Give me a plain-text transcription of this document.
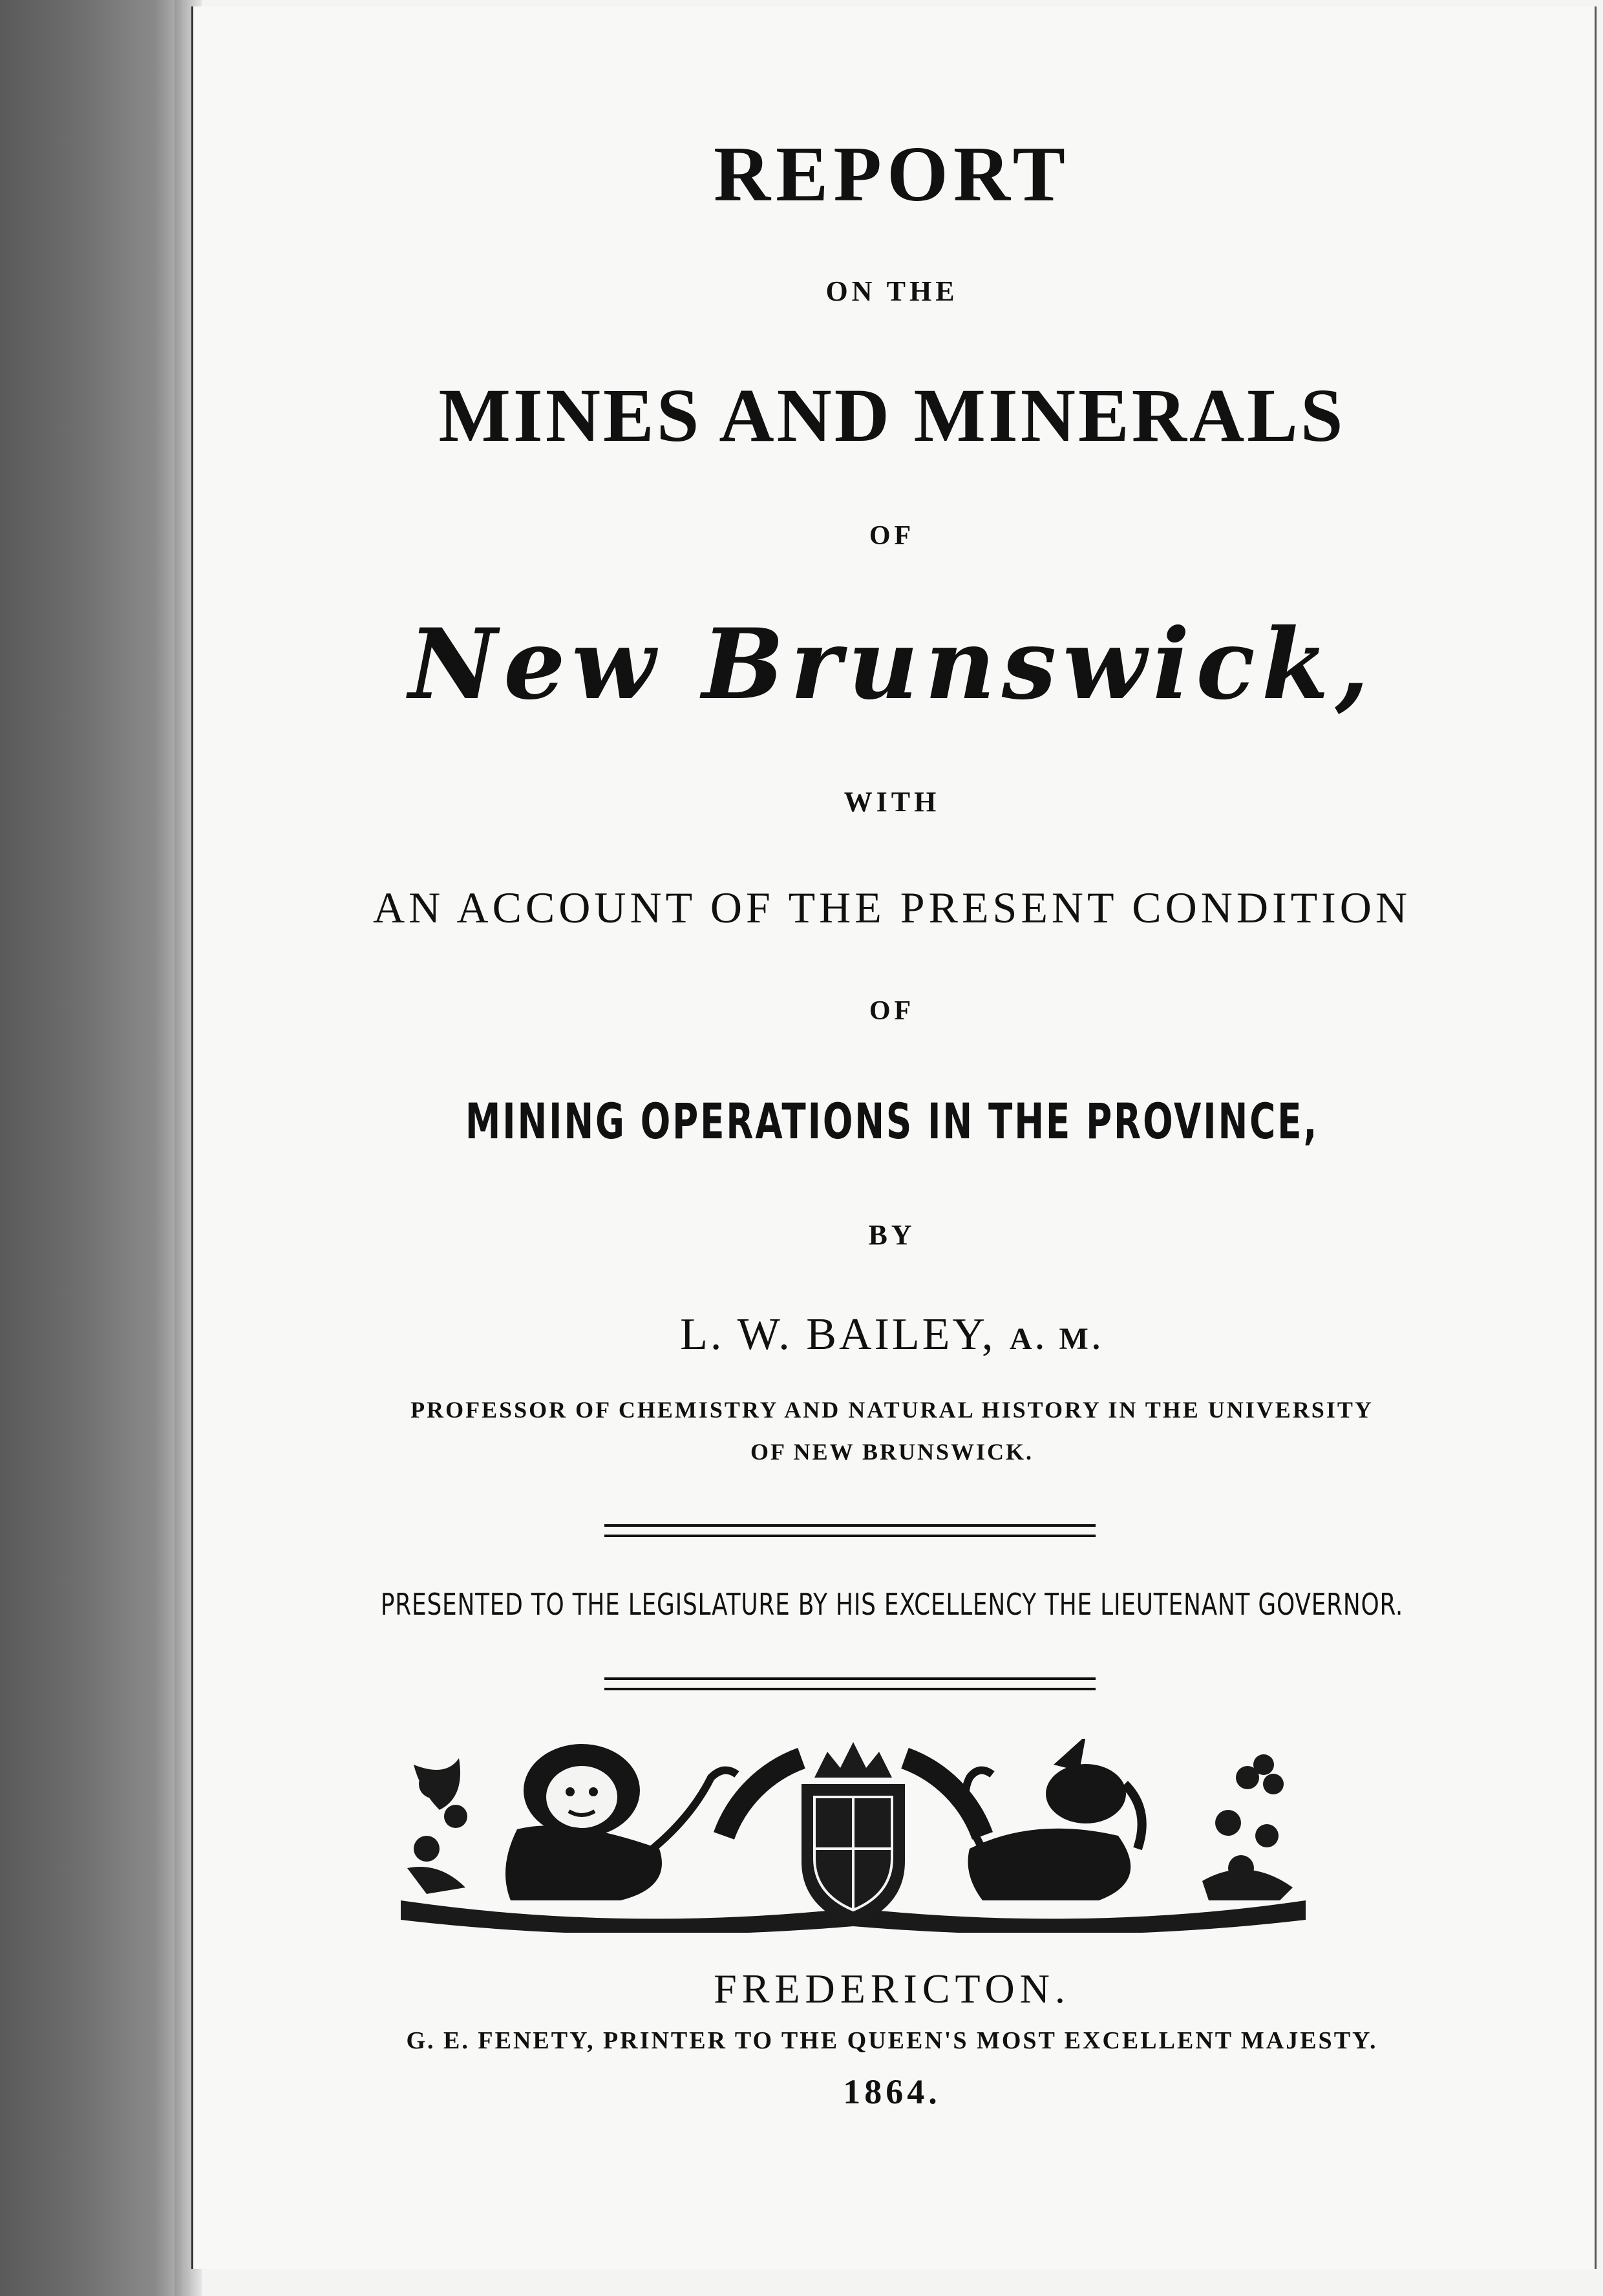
REPORT

ON THE

MINES AND MINERALS

OF

New Brunswick,

WITH

AN ACCOUNT OF THE PRESENT CONDITION

OF

MINING OPERATIONS IN THE PROVINCE,

BY

L. W. BAILEY, A. M.

PROFESSOR OF CHEMISTRY AND NATURAL HISTORY IN THE UNIVERSITY

OF NEW BRUNSWICK.

PRESENTED TO THE LEGISLATURE BY HIS EXCELLENCY THE LIEUTENANT GOVERNOR.

FREDERICTON.

G. E. FENETY, PRINTER TO THE QUEEN'S MOST EXCELLENT MAJESTY.

1864.
